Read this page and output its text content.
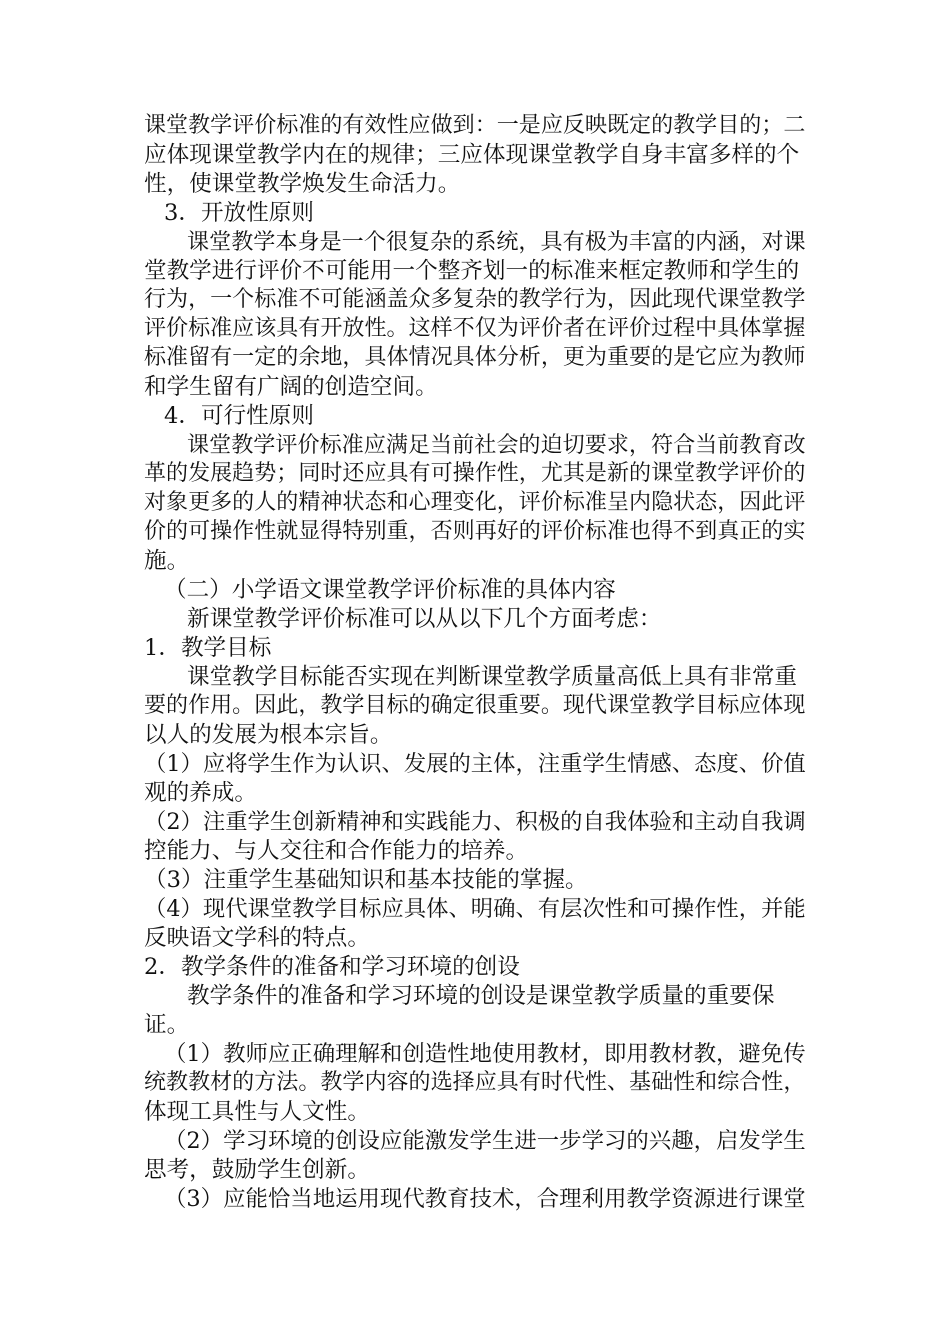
课堂教学评价标准的有效性应做到：一是应反映既定的教学目的；二
应体现课堂教学内在的规律；三应体现课堂教学自身丰富多样的个
性，使课堂教学焕发生命活力。
3．开放性原则
课堂教学本身是一个很复杂的系统，具有极为丰富的内涵，对课
堂教学进行评价不可能用一个整齐划一的标准来框定教师和学生的
行为，一个标准不可能涵盖众多复杂的教学行为，因此现代课堂教学
评价标准应该具有开放性。这样不仅为评价者在评价过程中具体掌握
标准留有一定的余地，具体情况具体分析，更为重要的是它应为教师
和学生留有广阔的创造空间。
4．可行性原则
课堂教学评价标准应满足当前社会的迫切要求，符合当前教育改
革的发展趋势；同时还应具有可操作性，尤其是新的课堂教学评价的
对象更多的人的精神状态和心理变化，评价标准呈内隐状态，因此评
价的可操作性就显得特别重，否则再好的评价标准也得不到真正的实
施。
（二）小学语文课堂教学评价标准的具体内容
新课堂教学评价标准可以从以下几个方面考虑：
1．教学目标
课堂教学目标能否实现在判断课堂教学质量高低上具有非常重
要的作用。因此，教学目标的确定很重要。现代课堂教学目标应体现
以人的发展为根本宗旨。
（1）应将学生作为认识、发展的主体，注重学生情感、态度、价值
观的养成。
（2）注重学生创新精神和实践能力、积极的自我体验和主动自我调
控能力、与人交往和合作能力的培养。
（3）注重学生基础知识和基本技能的掌握。
（4）现代课堂教学目标应具体、明确、有层次性和可操作性，并能
反映语文学科的特点。
2．教学条件的准备和学习环境的创设
教学条件的准备和学习环境的创设是课堂教学质量的重要保
证。
（1）教师应正确理解和创造性地使用教材，即用教材教，避免传
统教教材的方法。教学内容的选择应具有时代性、基础性和综合性，
体现工具性与人文性。
（2）学习环境的创设应能激发学生进一步学习的兴趣，启发学生
思考，鼓励学生创新。
（3）应能恰当地运用现代教育技术，合理利用教学资源进行课堂
